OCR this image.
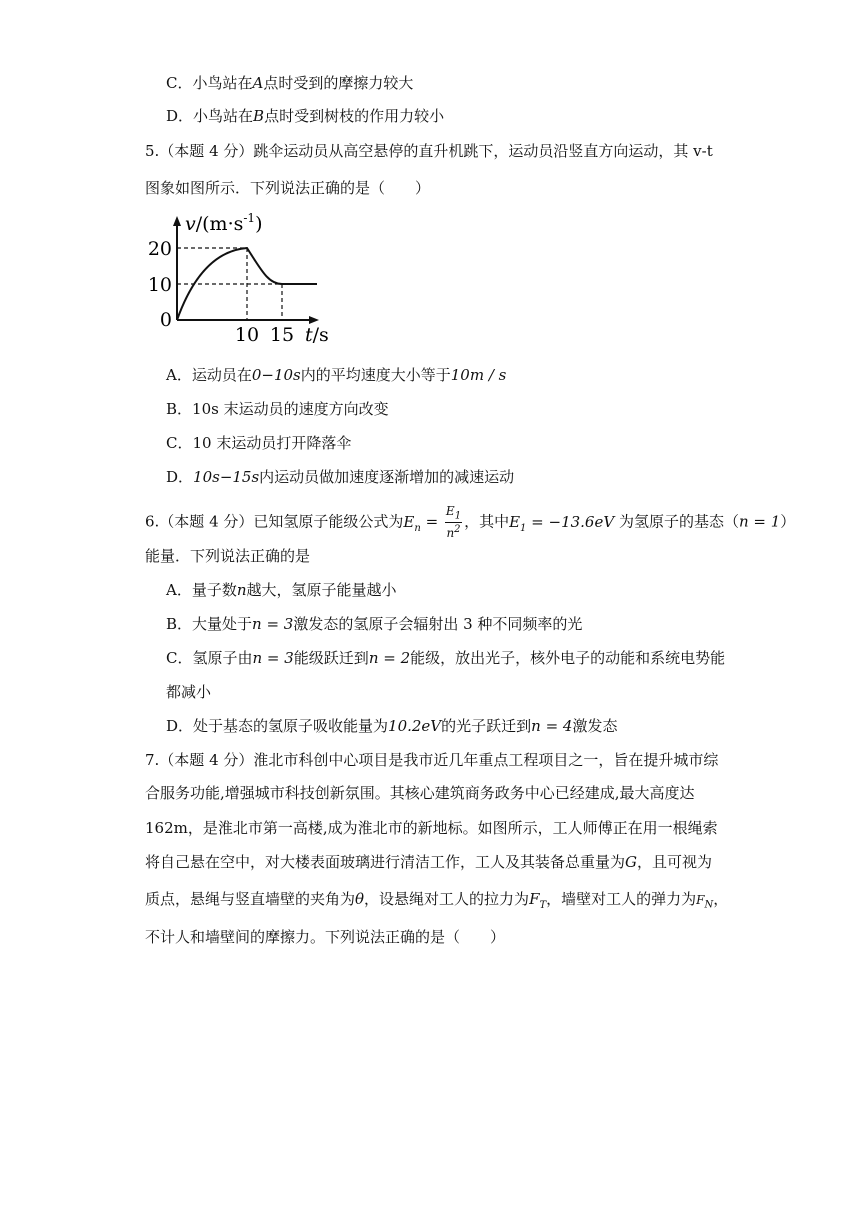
C．小鸟站在A点时受到的摩擦力较大
D．小鸟站在B点时受到树枝的作用力较小
5.（本题 4 分）跳伞运动员从高空悬停的直升机跳下，运动员沿竖直方向运动，其 v-t
图象如图所示．下列说法正确的是（　　）
$v/(m\cdot s^{-1})$
t/s
0
10 15
20
10
A．运动员在0−10s内的平均速度大小等于10m / s
B．10s 末运动员的速度方向改变
C．10 末运动员打开降落伞
D．10s−15s内运动员做加速度逐渐增加的减速运动
6.（本题 4 分）已知氢原子能级公式为$E_n = \frac{E_1}{n^2}$ ，其中$E_1 = -13.6eV$ 为氢原子的基态（n = 1）
能量．下列说法正确的是
A．量子数n越大，氢原子能量越小
B．大量处于n = 3激发态的氢原子会辐射出 3 种不同频率的光
C．氢原子由n = 3能级跃迁到n = 2能级，放出光子，核外电子的动能和系统电势能
都减小
D．处于基态的氢原子吸收能量为10.2eV的光子跃迁到n = 4激发态
7.（本题 4 分）淮北市科创中心项目是我市近几年重点工程项目之一，旨在提升城市综
合服务功能,增强城市科技创新氛围。其核心建筑商务政务中心已经建成,最大高度达
162m，是淮北市第一高楼,成为淮北市的新地标。如图所示，工人师傅正在用一根绳索
将自己悬在空中，对大楼表面玻璃进行清洁工作，工人及其装备总重量为G，且可视为
质点，悬绳与竖直墙壁的夹角为θ，设悬绳对工人的拉力为$F_T$，墙壁对工人的弹力为$F_N$，
不计人和墙壁间的摩擦力。下列说法正确的是（　　）
